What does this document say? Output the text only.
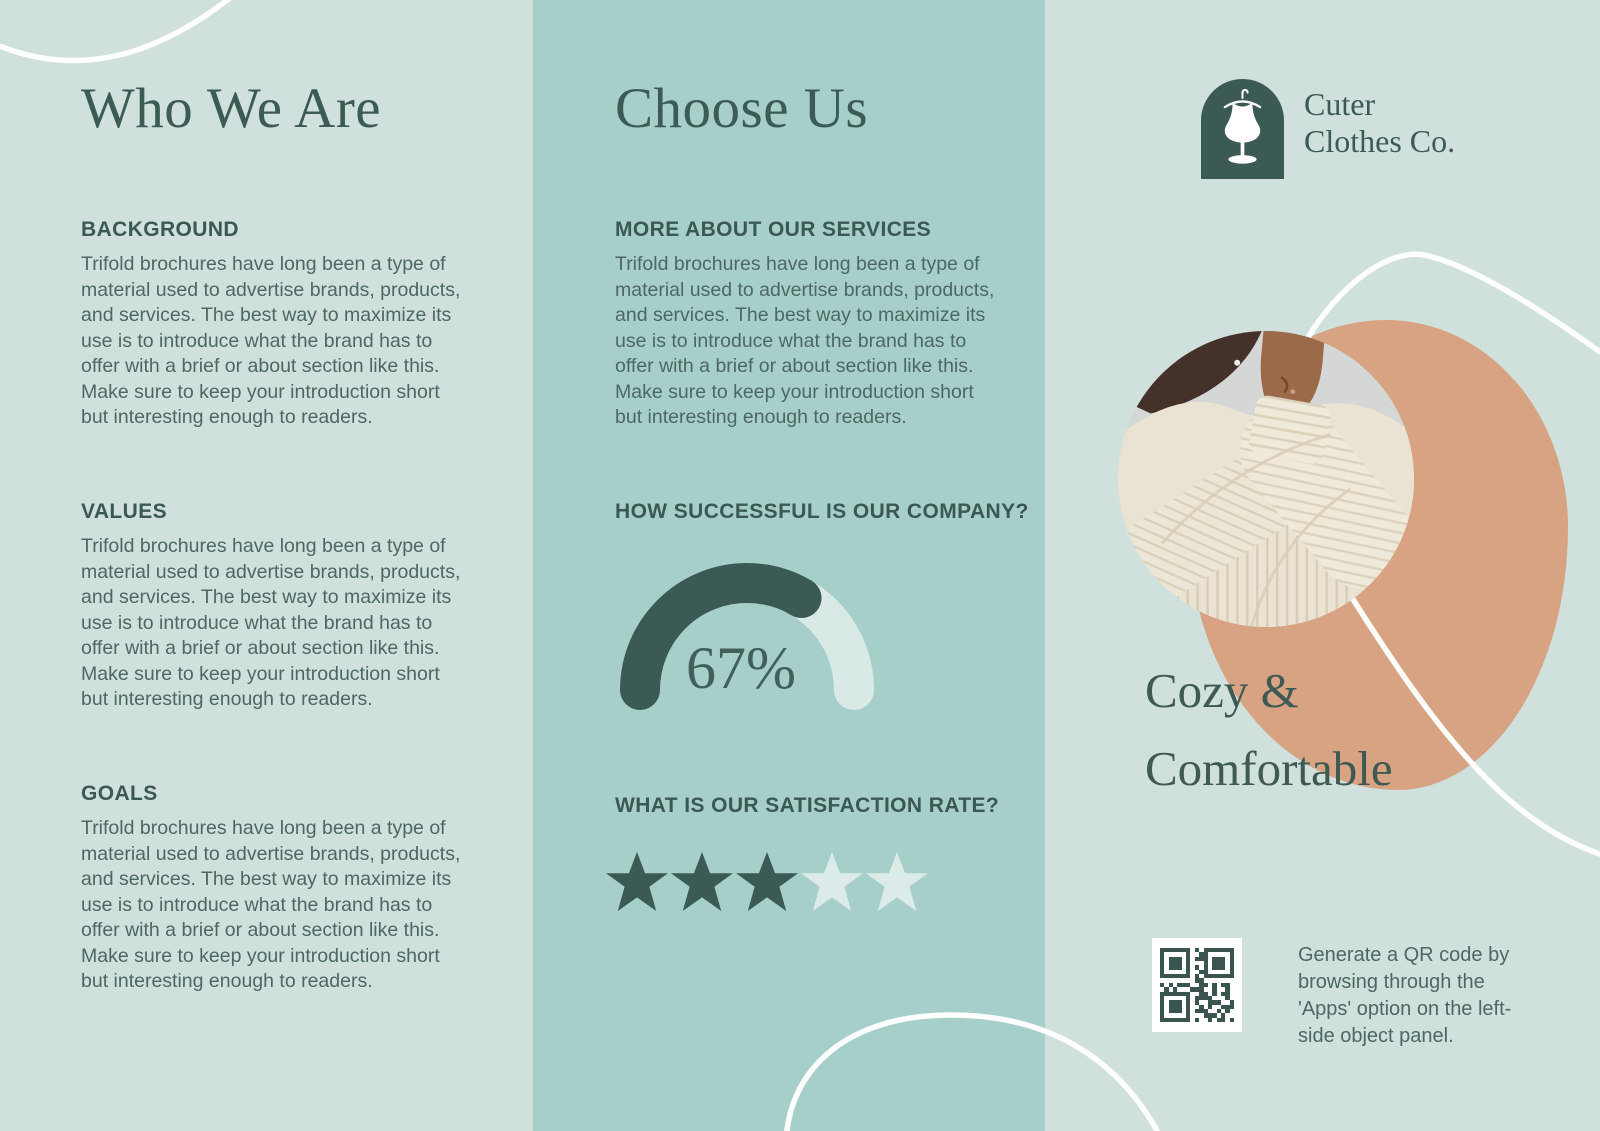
Who We Are
BACKGROUND
Trifold brochures have long been a type of material used to advertise brands, products, and services. The best way to maximize its use is to introduce what the brand has to offer with a brief or about section like this. Make sure to keep your introduction short but interesting enough to readers.
VALUES
Trifold brochures have long been a type of material used to advertise brands, products, and services. The best way to maximize its use is to introduce what the brand has to offer with a brief or about section like this. Make sure to keep your introduction short but interesting enough to readers.
GOALS
Trifold brochures have long been a type of material used to advertise brands, products, and services. The best way to maximize its use is to introduce what the brand has to offer with a brief or about section like this. Make sure to keep your introduction short but interesting enough to readers.
Choose Us
MORE ABOUT OUR SERVICES
Trifold brochures have long been a type of material used to advertise brands, products, and services. The best way to maximize its use is to introduce what the brand has to offer with a brief or about section like this. Make sure to keep your introduction short but interesting enough to readers.
HOW SUCCESSFUL IS OUR COMPANY?
67%
WHAT IS OUR SATISFACTION RATE?
Cuter
Clothes Co.
Cozy &
Comfortable
Generate a QR code by
browsing through the
'Apps' option on the left-
side object panel.
